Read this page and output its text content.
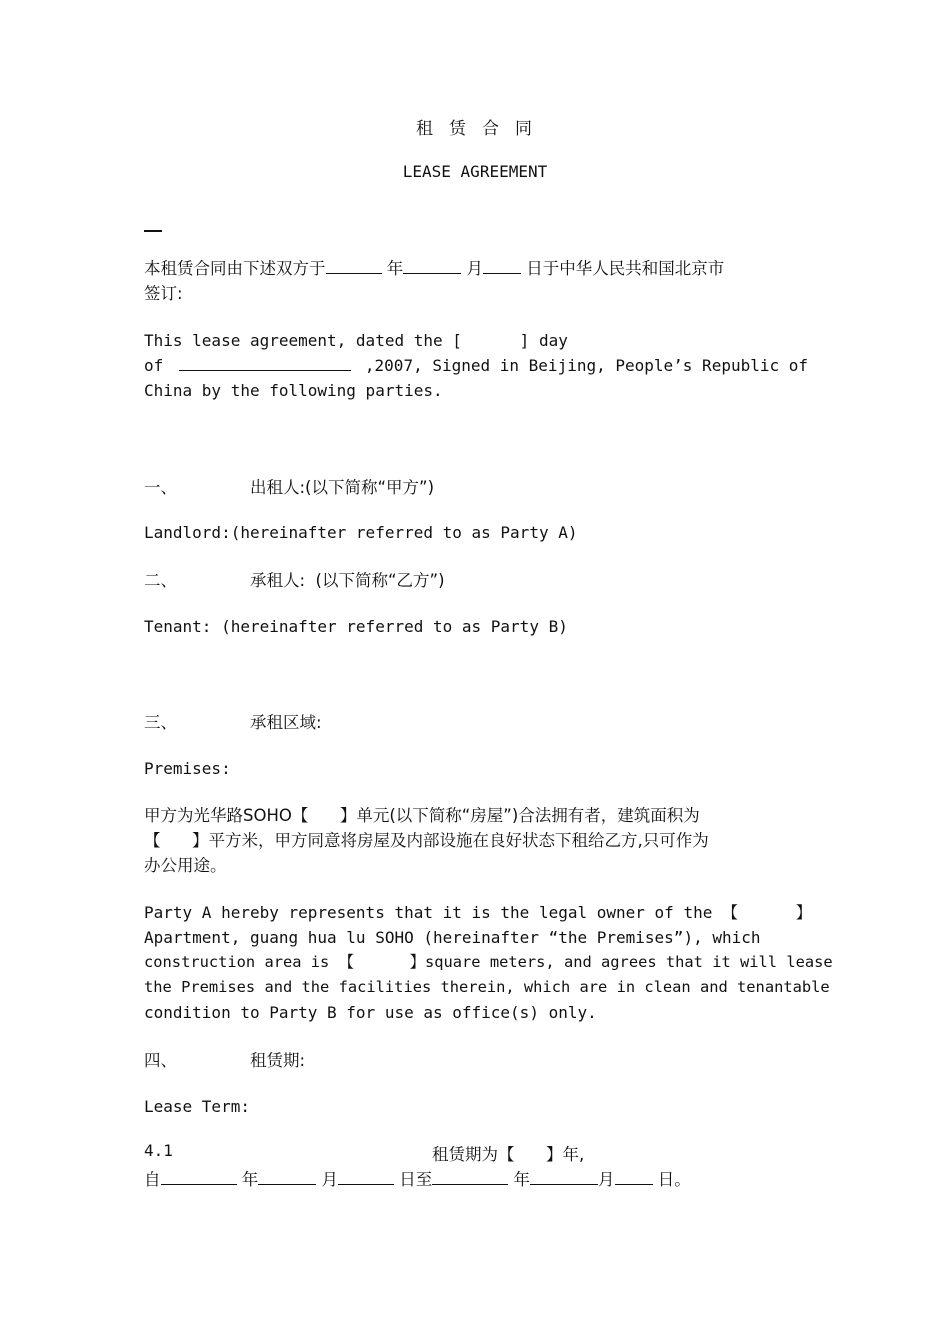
租 赁 合 同
LEASE AGREEMENT
本租赁合同由下述双方于	年	月	日于中华人民共和国北京市
签订:
This lease agreement, dated the [      ] day
of	,2007, Signed in Beijing, People’s Republic of
China by the following parties.
一、	出租人:(以下简称“甲方”)
Landlord:(hereinafter referred to as Party A)
二、	承租人:  (以下简称“乙方”)
Tenant: (hereinafter referred to as Party B)
三、	承租区域:
Premises:
甲方为光华路SOHO【      】单元(以下简称“房屋”)合法拥有者，建筑面积为
【      】平方米，甲方同意将房屋及内部设施在良好状态下租给乙方,只可作为
办公用途。
Party A hereby represents that it is the legal owner of the 【      】
Apartment, guang hua lu SOHO (hereinafter “the Premises”), which
construction area is 【      】square meters, and agrees that it will lease
the Premises and the facilities therein, which are in clean and tenantable
condition to Party B for use as office(s) only.
四、	租赁期:
Lease Term:
4.1	租赁期为【      】年,
自	年	月	日至	年	月	日。
